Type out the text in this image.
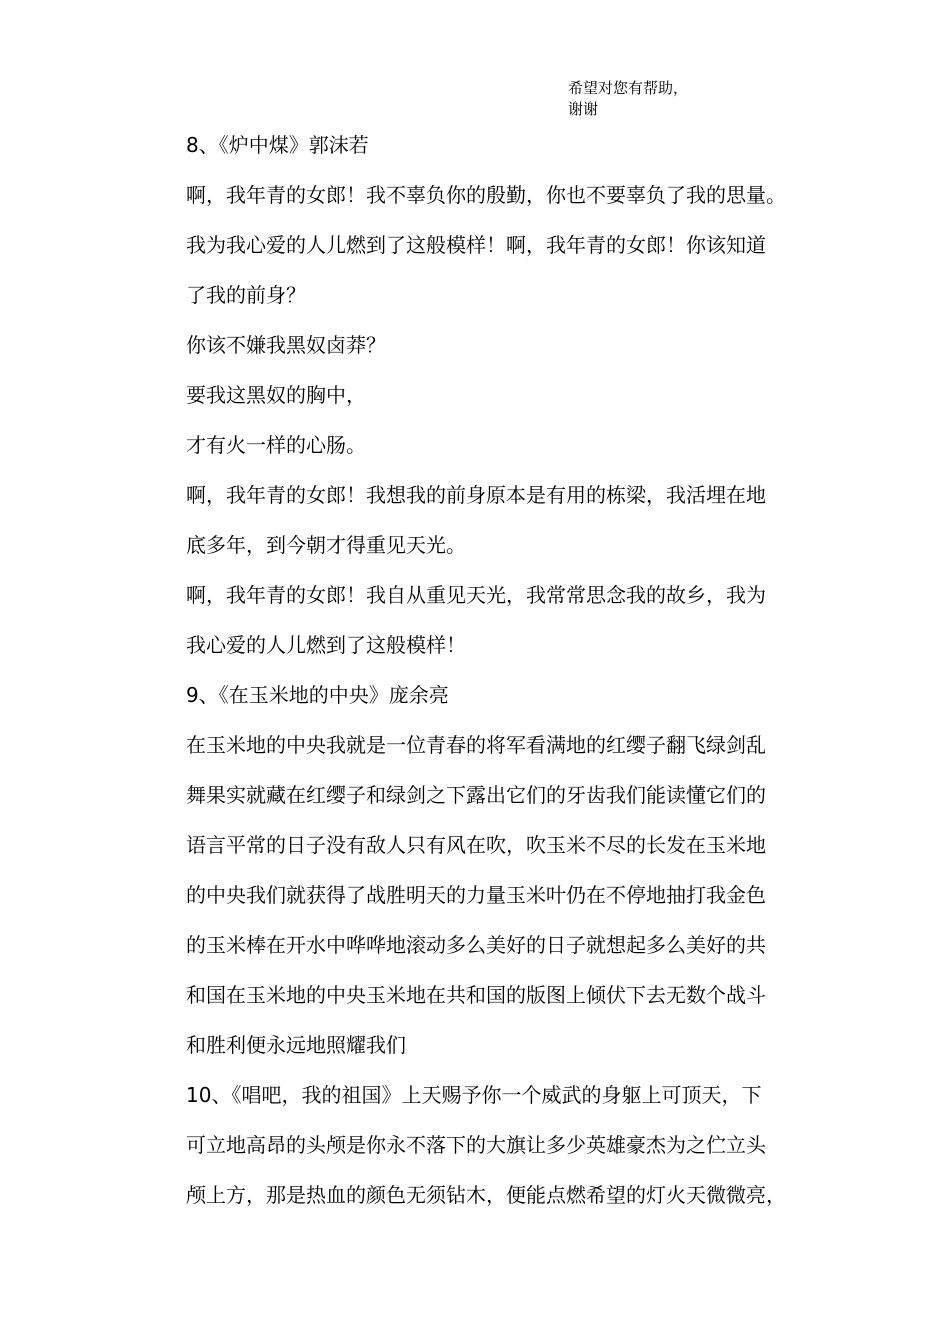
希望对您有帮助，
谢谢
8、《炉中煤》郭沫若
啊，我年青的女郎！我不辜负你的殷勤，你也不要辜负了我的思量。
我为我心爱的人儿燃到了这般模样！啊，我年青的女郎！你该知道
了我的前身？
你该不嫌我黑奴卤莽？
要我这黑奴的胸中，
才有火一样的心肠。
啊，我年青的女郎！我想我的前身原本是有用的栋梁，我活埋在地
底多年，到今朝才得重见天光。
啊，我年青的女郎！我自从重见天光，我常常思念我的故乡，我为
我心爱的人儿燃到了这般模样！
9、《在玉米地的中央》庞余亮
在玉米地的中央我就是一位青春的将军看满地的红缨子翻飞绿剑乱
舞果实就藏在红缨子和绿剑之下露出它们的牙齿我们能读懂它们的
语言平常的日子没有敌人只有风在吹，吹玉米不尽的长发在玉米地
的中央我们就获得了战胜明天的力量玉米叶仍在不停地抽打我金色
的玉米棒在开水中哗哗地滚动多么美好的日子就想起多么美好的共
和国在玉米地的中央玉米地在共和国的版图上倾伏下去无数个战斗
和胜利便永远地照耀我们
10、《唱吧，我的祖国》上天赐予你一个威武的身躯上可顶天，下
可立地高昂的头颅是你永不落下的大旗让多少英雄豪杰为之伫立头
颅上方，那是热血的颜色无须钻木，便能点燃希望的灯火天微微亮，
